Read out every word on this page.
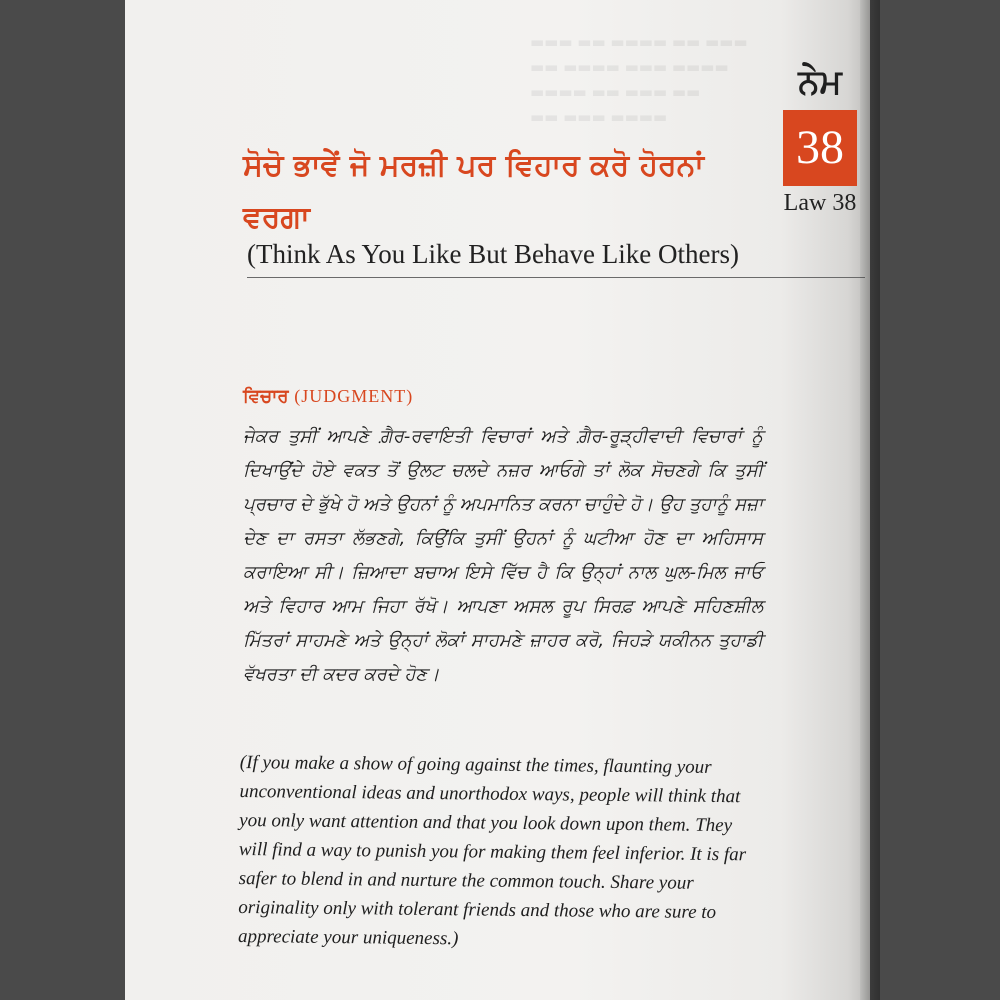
▬▬▬ ▬▬ ▬▬▬▬ ▬▬ ▬▬▬
▬▬ ▬▬▬▬ ▬▬▬ ▬▬▬▬
▬▬▬▬ ▬▬ ▬▬▬ ▬▬
▬▬ ▬▬▬ ▬▬▬▬
ਨੇਮ
38
Law 38
ਸੋਚੋ ਭਾਵੇਂ ਜੋ ਮਰਜ਼ੀ ਪਰ ਵਿਹਾਰ ਕਰੋ ਹੋਰਨਾਂ ਵਰਗਾ
(Think As You Like But Behave Like Others)
ਵਿਚਾਰ (JUDGMENT)
ਜੇਕਰ ਤੁਸੀਂ ਆਪਣੇ ਗ਼ੈਰ-ਰਵਾਇਤੀ ਵਿਚਾਰਾਂ ਅਤੇ ਗ਼ੈਰ-ਰੂੜ੍ਹੀਵਾਦੀ ਵਿਚਾਰਾਂ ਨੂੰ ਦਿਖਾਉਂਦੇ ਹੋਏ ਵਕਤ ਤੋਂ ਉਲਟ ਚਲਦੇ ਨਜ਼ਰ ਆਓਗੇ ਤਾਂ ਲੋਕ ਸੋਚਣਗੇ ਕਿ ਤੁਸੀਂ ਪ੍ਰਚਾਰ ਦੇ ਭੁੱਖੇ ਹੋ ਅਤੇ ਉਹਨਾਂ ਨੂੰ ਅਪਮਾਨਿਤ ਕਰਨਾ ਚਾਹੁੰਦੇ ਹੋ। ਉਹ ਤੁਹਾਨੂੰ ਸਜ਼ਾ ਦੇਣ ਦਾ ਰਸਤਾ ਲੱਭਣਗੇ, ਕਿਉਂਕਿ ਤੁਸੀਂ ਉਹਨਾਂ ਨੂੰ ਘਟੀਆ ਹੋਣ ਦਾ ਅਹਿਸਾਸ ਕਰਾਇਆ ਸੀ। ਜ਼ਿਆਦਾ ਬਚਾਅ ਇਸੇ ਵਿੱਚ ਹੈ ਕਿ ਉਨ੍ਹਾਂ ਨਾਲ ਘੁਲ-ਮਿਲ ਜਾਓ ਅਤੇ ਵਿਹਾਰ ਆਮ ਜਿਹਾ ਰੱਖੋ। ਆਪਣਾ ਅਸਲ ਰੂਪ ਸਿਰਫ਼ ਆਪਣੇ ਸਹਿਣਸ਼ੀਲ ਮਿੱਤਰਾਂ ਸਾਹਮਣੇ ਅਤੇ ਉਨ੍ਹਾਂ ਲੋਕਾਂ ਸਾਹਮਣੇ ਜ਼ਾਹਰ ਕਰੋ, ਜਿਹੜੇ ਯਕੀਨਨ ਤੁਹਾਡੀ ਵੱਖਰਤਾ ਦੀ ਕਦਰ ਕਰਦੇ ਹੋਣ।
(If you make a show of going against the times, flaunting your unconventional ideas and unorthodox ways, people will think that you only want attention and that you look down upon them. They will find a way to punish you for making them feel inferior. It is far safer to blend in and nurture the common touch. Share your originality only with tolerant friends and those who are sure to appreciate your uniqueness.)
